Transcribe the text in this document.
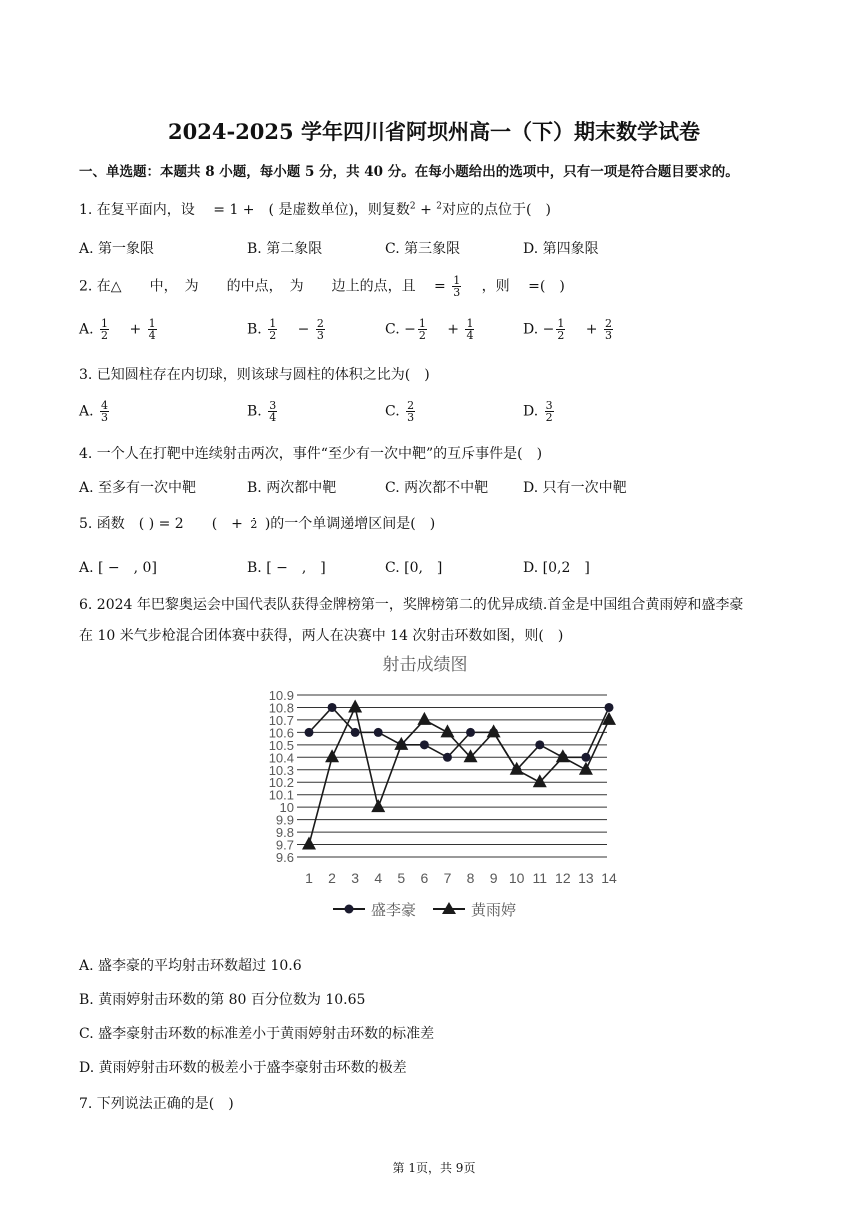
2024-2025 学年四川省阿坝州高一（下）期末数学试卷
一、单选题：本题共 8 小题，每小题 5 分，共 40 分。在每小题给出的选项中，只有一项是符合题目要求的。
1. 在复平面内，设　 = 1 +　( 是虚数单位)，则复数$^2$ + $^2$对应的点位于(　)
A. 第一象限	B. 第二象限	C. 第三象限	D. 第四象限
2. 在△　　中，　为　　的中点，　为　　边上的点，且　 = $\frac{1}{3}$ 　，则　 =(　)
A. $\frac{1}{2}$ 　 + $\frac{1}{4}$	B. $\frac{1}{2}$ 　 − $\frac{2}{3}$	C. − $\frac{1}{2}$ 　 + $\frac{1}{4}$	D. − $\frac{1}{2}$ 　 + $\frac{2}{3}$
3. 已知圆柱存在内切球，则该球与圆柱的体积之比为(　)
A. $\frac{4}{3}$	B. $\frac{3}{4}$	C. $\frac{2}{3}$	D. $\frac{3}{2}$
4. 一个人在打靶中连续射击两次，事件“至少有一次中靶”的互斥事件是(　)
A. 至多有一次中靶	B. 两次都中靶	C. 两次都不中靶 D. 只有一次中靶
5. 函数　( ) = 2　　(　+ 2 )的一个单调递增区间是(　)
A. [ −　, 0]	B. [ −　,　]	C. [0,　]	D. [0,2　]
6. 2024 年巴黎奥运会中国代表队获得金牌榜第一，奖牌榜第二的优异成绩.首金是中国组合黄雨婷和盛李豪
在 10 米气步枪混合团体赛中获得，两人在决赛中 14 次射击环数如图，则(　)
射击成绩图
9.6
9.7
9.8
9.9
10
10.1
10.2
10.3
10.4
10.5
10.6
10.7
10.8
10.9
1 2 3 4 5 6 7 8 9 10 11 12 13 14
盛李豪	黄雨婷
A. 盛李豪的平均射击环数超过 10.6
B. 黄雨婷射击环数的第 80 百分位数为 10.65
C. 盛李豪射击环数的标准差小于黄雨婷射击环数的标准差
D. 黄雨婷射击环数的极差小于盛李豪射击环数的极差
7. 下列说法正确的是(　)
第 1页，共 9页
